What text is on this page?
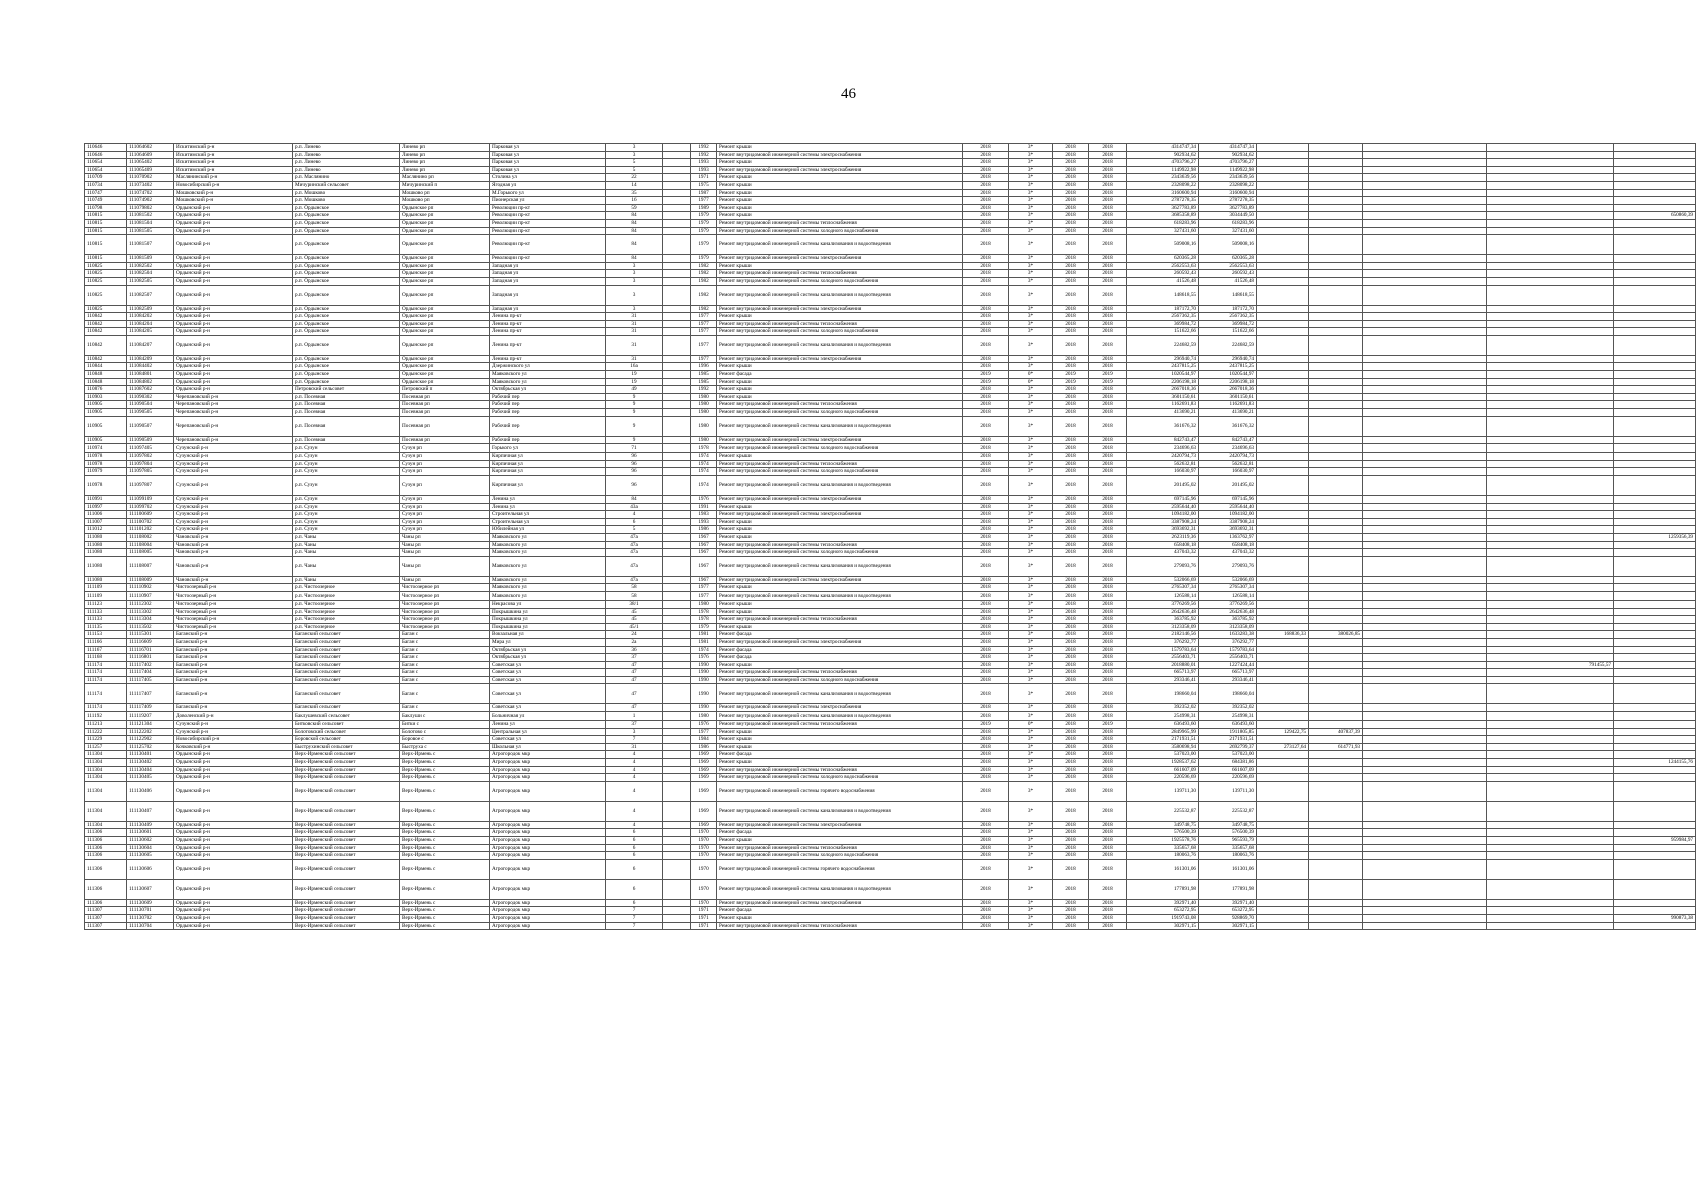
46
110646	111064602	Искитимский р-н	р.п. Линево	Линево рп	Парковая ул	3		1992	Ремонт крыши	2018	3*	2018	2018	4314747,34	4314747,34					
110646	111064609	Искитимский р-н	р.п. Линево	Линево рп	Парковая ул	3		1992	Ремонт внутридомовой инженерной системы электроснабжения	2018	3*	2018	2018	902934,62	902934,62					
110654	111065402	Искитимский р-н	р.п. Линево	Линево рп	Парковая ул	5		1993	Ремонт крыши	2018	3*	2018	2018	4703796,27	4703796,27					
110654	111065409	Искитимский р-н	р.п. Линево	Линево рп	Парковая ул	5		1993	Ремонт внутридомовой инженерной системы электроснабжения	2018	3*	2018	2018	1149922,98	1149922,98					
110709	111070902	Маслянинский р-н	р.п. Маслянино	Маслянино рп	Столина ул	22		1971	Ремонт крыши	2018	3*	2018	2018	2343639,56	2343639,56					
110734	111073402	Новосибирский р-н	Мичуринский сельсовет	Мичуринский п	Ягодная ул	14		1975	Ремонт крыши	2018	3*	2018	2018	2328098,22	2328098,22					
110747	111074702	Мошковский р-н	р.п. Мошково	Мошково рп	М.Горького ул	35		1987	Ремонт крыши	2018	3*	2018	2018	3160600,94	3160600,94					
110749	111074902	Мошковский р-н	р.п. Мошково	Мошково рп	Пионерская ул	16		1977	Ремонт крыши	2018	3*	2018	2018	2787278,35	2787278,35					
110798	111079802	Ордынский р-н	р.п. Ордынское	Ордынское рп	Революции пр-кт	59		1989	Ремонт крыши	2018	3*	2018	2018	3627783,89	3627783,89					
110815	111081502	Ордынский р-н	р.п. Ордынское	Ордынское рп	Революции пр-кт	84		1979	Ремонт крыши	2018	3*	2018	2018	3685358,89	3034449,50					650860,39
110815	111081504	Ордынский р-н	р.п. Ордынское	Ордынское рп	Революции пр-кт	84		1979	Ремонт внутридомовой инженерной системы теплоснабжения	2018	3*	2018	2018	618283,96	618283,96					
110815	111081505	Ордынский р-н	р.п. Ордынское	Ордынское рп	Революции пр-кт	84		1979	Ремонт внутридомовой инженерной системы холодного водоснабжения	2018	3*	2018	2018	327431,60	327431,60					
110815	111081507	Ордынский р-н	р.п. Ордынское	Ордынское рп	Революции пр-кт	84		1979	Ремонт внутридомовой инженерной системы канализования и водоотведения	2018	3*	2018	2018	509008,16	509008,16					
110815	111081509	Ордынский р-н	р.п. Ордынское	Ордынское рп	Революции пр-кт	84		1979	Ремонт внутридомовой инженерной системы электроснабжения	2018	3*	2018	2018	620365,28	620365,28					
110825	111082502	Ордынский р-н	р.п. Ордынское	Ордынское рп	Западная ул	3		1982	Ремонт крыши	2018	3*	2018	2018	2562553,63	2562553,63					
110825	111082504	Ордынский р-н	р.п. Ордынское	Ордынское рп	Западная ул	3		1982	Ремонт внутридомовой инженерной системы теплоснабжения	2018	3*	2018	2018	260592,43	260592,43					
110825	111082505	Ордынский р-н	р.п. Ордынское	Ордынское рп	Западная ул	3		1982	Ремонт внутридомовой инженерной системы холодного водоснабжения	2018	3*	2018	2018	41526,48	41526,48					
110825	111082507	Ордынский р-н	р.п. Ордынское	Ордынское рп	Западная ул	3		1982	Ремонт внутридомовой инженерной системы канализования и водоотведения	2018	3*	2018	2018	148618,55	148618,55					
110825	111082509	Ордынский р-н	р.п. Ордынское	Ордынское рп	Западная ул	3		1982	Ремонт внутридомовой инженерной системы электроснабжения	2018	3*	2018	2018	187172,70	187172,70					
110842	111084202	Ордынский р-н	р.п. Ордынское	Ордынское рп	Ленина пр-кт	31		1977	Ремонт крыши	2018	3*	2018	2018	2567362,35	2567362,35					
110842	111084204	Ордынский р-н	р.п. Ордынское	Ордынское рп	Ленина пр-кт	31		1977	Ремонт внутридомовой инженерной системы теплоснабжения	2018	3*	2018	2018	369984,72	369984,72					
110842	111084205	Ордынский р-н	р.п. Ордынское	Ордынское рп	Ленина пр-кт	31		1977	Ремонт внутридомовой инженерной системы холодного водоснабжения	2018	3*	2018	2018	151622,66	151622,66					
110842	111084207	Ордынский р-н	р.п. Ордынское	Ордынское рп	Ленина пр-кт	31		1977	Ремонт внутридомовой инженерной системы канализования и водоотведения	2018	3*	2018	2018	224682,59	224682,59					
110842	111084209	Ордынский р-н	р.п. Ордынское	Ордынское рп	Ленина пр-кт	31		1977	Ремонт внутридомовой инженерной системы электроснабжения	2018	3*	2018	2018	296940,74	296940,74					
110844	111084402	Ордынский р-н	р.п. Ордынское	Ордынское рп	Дзержинского ул	16а		1996	Ремонт крыши	2018	3*	2018	2018	2437815,25	2437815,25					
110848	111084801	Ордынский р-н	р.п. Ордынское	Ордынское рп	Маяковского ул	19		1985	Ремонт фасада	2019	0*	2019	2019	1020544,97	1020544,97					
110848	111084802	Ордынский р-н	р.п. Ордынское	Ордынское рп	Маяковского ул	19		1985	Ремонт крыши	2019	0*	2019	2019	2206198,18	2206198,18					
110876	111087602	Ордынский р-н	Петровский сельсовет	Петровский п	Октябрьская ул	49		1992	Ремонт крыши	2018	3*	2018	2018	2667018,36	2667018,36					
110903	111090302	Черепановский р-н	р.п. Посевная	Посевная рп	Рабочий пер	9		1980	Ремонт крыши	2018	3*	2018	2018	3601150,61	3601150,61					
110905	111090504	Черепановский р-н	р.п. Посевная	Посевная рп	Рабочий пер	9		1980	Ремонт внутридомовой инженерной системы теплоснабжения	2018	3*	2018	2018	1162691,83	1162691,83					
110905	111090505	Черепановский р-н	р.п. Посевная	Посевная рп	Рабочий пер	9		1980	Ремонт внутридомовой инженерной системы холодного водоснабжения	2018	3*	2018	2018	413690,21	413690,21					
110905	111090507	Черепановский р-н	р.п. Посевная	Посевная рп	Рабочий пер	9		1980	Ремонт внутридомовой инженерной системы канализования и водоотведения	2018	3*	2018	2018	361676,32	361676,32					
110905	111090509	Черепановский р-н	р.п. Посевная	Посевная рп	Рабочий пер	9		1980	Ремонт внутридомовой инженерной системы электроснабжения	2018	3*	2018	2018	842743,47	842743,47					
110974	111097405	Сузунский р-н	р.п. Сузун	Сузун рп	Горького ул	71		1978	Ремонт внутридомовой инженерной системы холодного водоснабжения	2018	3*	2018	2018	234696,63	234696,63					
110978	111097802	Сузунский р-н	р.п. Сузун	Сузун рп	Кирпичная ул	96		1974	Ремонт крыши	2018	3*	2018	2018	2420794,73	2420794,73					
110978	111097804	Сузунский р-н	р.п. Сузун	Сузун рп	Кирпичная ул	96		1974	Ремонт внутридомовой инженерной системы теплоснабжения	2018	3*	2018	2018	562632,81	562632,81					
110979	111097805	Сузунский р-н	р.п. Сузун	Сузун рп	Кирпичная ул	96		1974	Ремонт внутридомовой инженерной системы холодного водоснабжения	2018	3*	2018	2018	166030,97	166030,97					
110978	111097807	Сузунский р-н	р.п. Сузун	Сузун рп	Кирпичная ул	96		1974	Ремонт внутридомовой инженерной системы канализования и водоотведения	2018	3*	2018	2018	201495,02	201495,02					
110991	111099109	Сузунский р-н	р.п. Сузун	Сузун рп	Ленина ул	84		1976	Ремонт внутридомовой инженерной системы электроснабжения	2018	3*	2018	2018	697145,96	697145,96					
110997	111099702	Сузунский р-н	р.п. Сузун	Сузун рп	Ленина ул	43а		1991	Ремонт крыши	2018	3*	2018	2018	2595644,40	2595644,40					
111006	111100609	Сузунский р-н	р.п. Сузун	Сузун рп	Строительная ул	4		1983	Ремонт внутридомовой инженерной системы электроснабжения	2018	3*	2018	2018	1094182,00	1094182,00					
111007	111100702	Сузунский р-н	р.п. Сузун	Сузун рп	Строительная ул	6		1993	Ремонт крыши	2018	3*	2018	2018	3387908,24	3387908,24					
111012	111101202	Сузунский р-н	р.п. Сузун	Сузун рп	Юбилейная ул	5		1986	Ремонт крыши	2018	3*	2018	2018	3693692,31	3693692,31					
111080	111108002	Чановский р-н	р.п. Чаны	Чаны рп	Маяковского ул	47а		1967	Ремонт крыши	2018	3*	2018	2018	2623119,36	1363762,97					1259356,39
111080	111108004	Чановский р-н	р.п. Чаны	Чаны рп	Маяковского ул	47а		1967	Ремонт внутридомовой инженерной системы теплоснабжения	2018	3*	2018	2018	658408,18	658408,18					
111080	111108005	Чановский р-н	р.п. Чаны	Чаны рп	Маяковского ул	47а		1967	Ремонт внутридомовой инженерной системы холодного водоснабжения	2018	3*	2018	2018	437043,32	437043,32					
111080	111108007	Чановский р-н	р.п. Чаны	Чаны рп	Маяковского ул	47а		1967	Ремонт внутридомовой инженерной системы канализования и водоотведения	2018	3*	2018	2018	279093,76	279093,76					
111080	111108009	Чановский р-н	р.п. Чаны	Чаны рп	Маяковского ул	47а		1967	Ремонт внутридомовой инженерной системы электроснабжения	2018	3*	2018	2018	532066,69	532066,69					
111109	111110902	Чистоозерный р-н	р.п. Чистоозерное	Чистоозерное рп	Маяковского ул	58		1977	Ремонт крыши	2018	3*	2018	2018	2765307,34	2765307,34					
111109	111110907	Чистоозерный р-н	р.п. Чистоозерное	Чистоозерное рп	Маяковского ул	58		1977	Ремонт внутридомовой инженерной системы канализования и водоотведения	2018	3*	2018	2018	126588,14	126588,14					
111123	111112302	Чистоозерный р-н	р.п. Чистоозерное	Чистоозерное рп	Некрасова ул	38/1		1980	Ремонт крыши	2018	3*	2018	2018	3776269,56	3776269,56					
111133	111113302	Чистоозерный р-н	р.п. Чистоозерное	Чистоозерное рп	Покрышкина ул	45		1978	Ремонт крыши	2018	3*	2018	2018	2642636,48	2642636,48					
111133	111113304	Чистоозерный р-н	р.п. Чистоозерное	Чистоозерное рп	Покрышкина ул	45		1978	Ремонт внутридомовой инженерной системы теплоснабжения	2018	3*	2018	2018	363785,92	363785,92					
111135	111113502	Чистоозерный р-н	р.п. Чистоозерное	Чистоозерное рп	Покрышкина ул	45/1		1979	Ремонт крыши	2018	3*	2018	2018	3123358,09	3123358,09					
111153	111115301	Баганский р-н	Баганский сельсовет	Баган с	Вокзальная ул	24		1981	Ремонт фасада	2018	3*	2018	2018	2182146,56	1633283,38	168836,33	380026,85			
111166	111116609	Баганский р-н	Баганский сельсовет	Баган с	Мира ул	2а		1981	Ремонт внутридомовой инженерной системы электроснабжения	2018	3*	2018	2018	376292,77	376292,77					
111167	111116701	Баганский р-н	Баганский сельсовет	Баган с	Октябрьская ул	36		1974	Ремонт фасада	2018	3*	2018	2018	1579783,64	1579783,64					
111168	111116801	Баганский р-н	Баганский сельсовет	Баган с	Октябрьская ул	37		1976	Ремонт фасада	2018	3*	2018	2018	2556403,71	2556403,71					
111174	111117402	Баганский р-н	Баганский сельсовет	Баган с	Советская ул	47		1990	Ремонт крыши	2018	3*	2018	2018	2018880,01	1227424,44				791455,57	
111174	111117404	Баганский р-н	Баганский сельсовет	Баган с	Советская ул	47		1990	Ремонт внутридомовой инженерной системы теплоснабжения	2018	3*	2018	2018	665713,97	665713,97					
111174	111117405	Баганский р-н	Баганский сельсовет	Баган с	Советская ул	47		1990	Ремонт внутридомовой инженерной системы холодного водоснабжения	2018	3*	2018	2018	293346,41	293346,41					
111174	111117407	Баганский р-н	Баганский сельсовет	Баган с	Советская ул	47		1990	Ремонт внутридомовой инженерной системы канализования и водоотведения	2018	3*	2018	2018	198660,04	198660,04					
111174	111117409	Баганский р-н	Баганский сельсовет	Баган с	Советская ул	47		1990	Ремонт внутридомовой инженерной системы электроснабжения	2018	3*	2018	2018	392352,02	392352,02					
111192	111119207	Доволенский р-н	Баклушевский сельсовет	Баклуши с	Больничная ул	1		1980	Ремонт внутридомовой инженерной системы канализования и водоотведения	2018	3*	2018	2018	254998,31	254998,31					
111213	111121304	Сузунский р-н	Битковский сельсовет	Битки с	Ленина ул	37		1976	Ремонт внутридомовой инженерной системы теплоснабжения	2019	0*	2018	2019	636493,60	636493,60					
111222	111122202	Сузунский р-н	Болотовский сельсовет	Болотово с	Центральная ул	3		1977	Ремонт крыши	2018	3*	2018	2018	2849965,99	1911805,85	129422,75	407837,39			
111229	111122902	Новосибирский р-н	Боровской сельсовет	Боровое с	Советская ул	7		1984	Ремонт крыши	2018	3*	2018	2018	2171931,51	2171931,51					
111257	111125702	Кочковский р-н	Быструхинский сельсовет	Быструха с	Школьная ул	31		1986	Ремонт крыши	2018	3*	2018	2018	3580698,94	2692799,37	273127,64	614771,93			
111304	111130401	Ордынский р-н	Верх-Ирменский сельсовет	Верх-Ирмень с	Агрогородок мкр	4		1969	Ремонт фасада	2018	3*	2018	2018	537023,00	537023,00					
111304	111130402	Ордынский р-н	Верх-Ирменский сельсовет	Верх-Ирмень с	Агрогородок мкр	4		1969	Ремонт крыши	2018	3*	2018	2018	1928537,62	684381,86					1244155,76
111304	111130404	Ордынский р-н	Верх-Ирменский сельсовет	Верх-Ирмень с	Агрогородок мкр	4		1969	Ремонт внутридомовой инженерной системы теплоснабжения	2018	3*	2018	2018	661607,09	661607,09					
111304	111130405	Ордынский р-н	Верх-Ирменский сельсовет	Верх-Ирмень с	Агрогородок мкр	4		1969	Ремонт внутридомовой инженерной системы холодного водоснабжения	2018	3*	2018	2018	220596,69	220596,69					
111304	111130406	Ордынский р-н	Верх-Ирменский сельсовет	Верх-Ирмень с	Агрогородок мкр	4		1969	Ремонт внутридомовой инженерной системы горячего водоснабжения	2018	3*	2018	2018	139711,30	139711,30					
111304	111130407	Ордынский р-н	Верх-Ирменский сельсовет	Верх-Ирмень с	Агрогородок мкр	4		1969	Ремонт внутридомовой инженерной системы канализования и водоотведения	2018	3*	2018	2018	225532,87	225532,87					
111304	111130409	Ордынский р-н	Верх-Ирменский сельсовет	Верх-Ирмень с	Агрогородок мкр	4		1969	Ремонт внутридомовой инженерной системы электроснабжения	2018	3*	2018	2018	349748,75	349748,75					
111306	111130601	Ордынский р-н	Верх-Ирменский сельсовет	Верх-Ирмень с	Агрогородок мкр	6		1970	Ремонт фасада	2018	3*	2018	2018	576500,39	576500,39					
111306	111130602	Ордынский р-н	Верх-Ирменский сельсовет	Верх-Ирмень с	Агрогородок мкр	6		1970	Ремонт крыши	2018	3*	2018	2018	1925578,76	965593,79					959984,97
111306	111130604	Ордынский р-н	Верх-Ирменский сельсовет	Верх-Ирмень с	Агрогородок мкр	6		1970	Ремонт внутридомовой инженерной системы теплоснабжения	2018	3*	2018	2018	335657,68	335657,68					
111306	111130605	Ордынский р-н	Верх-Ирменский сельсовет	Верх-Ирмень с	Агрогородок мкр	6		1970	Ремонт внутридомовой инженерной системы холодного водоснабжения	2018	3*	2018	2018	180063,76	180063,76					
111306	111130606	Ордынский р-н	Верх-Ирменский сельсовет	Верх-Ирмень с	Агрогородок мкр	6		1970	Ремонт внутридомовой инженерной системы горячего водоснабжения	2018	3*	2018	2018	161301,06	161301,06					
111306	111130607	Ордынский р-н	Верх-Ирменский сельсовет	Верх-Ирмень с	Агрогородок мкр	6		1970	Ремонт внутридомовой инженерной системы канализования и водоотведения	2018	3*	2018	2018	177891,98	177891,98					
111306	111130609	Ордынский р-н	Верх-Ирменский сельсовет	Верх-Ирмень с	Агрогородок мкр	6		1970	Ремонт внутридомовой инженерной системы электроснабжения	2018	3*	2018	2018	392971,40	392971,40					
111307	111130701	Ордынский р-н	Верх-Ирменский сельсовет	Верх-Ирмень с	Агрогородок мкр	7		1971	Ремонт фасада	2018	3*	2018	2018	653272,95	653272,95					
111307	111130702	Ордынский р-н	Верх-Ирменский сельсовет	Верх-Ирмень с	Агрогородок мкр	7		1971	Ремонт крыши	2018	3*	2018	2018	1919743,08	928869,70					990873,38
111307	111130704	Ордынский р-н	Верх-Ирменский сельсовет	Верх-Ирмень с	Агрогородок мкр	7		1971	Ремонт внутридомовой инженерной системы теплоснабжения	2018	3*	2018	2018	302971,15	302971,15					
